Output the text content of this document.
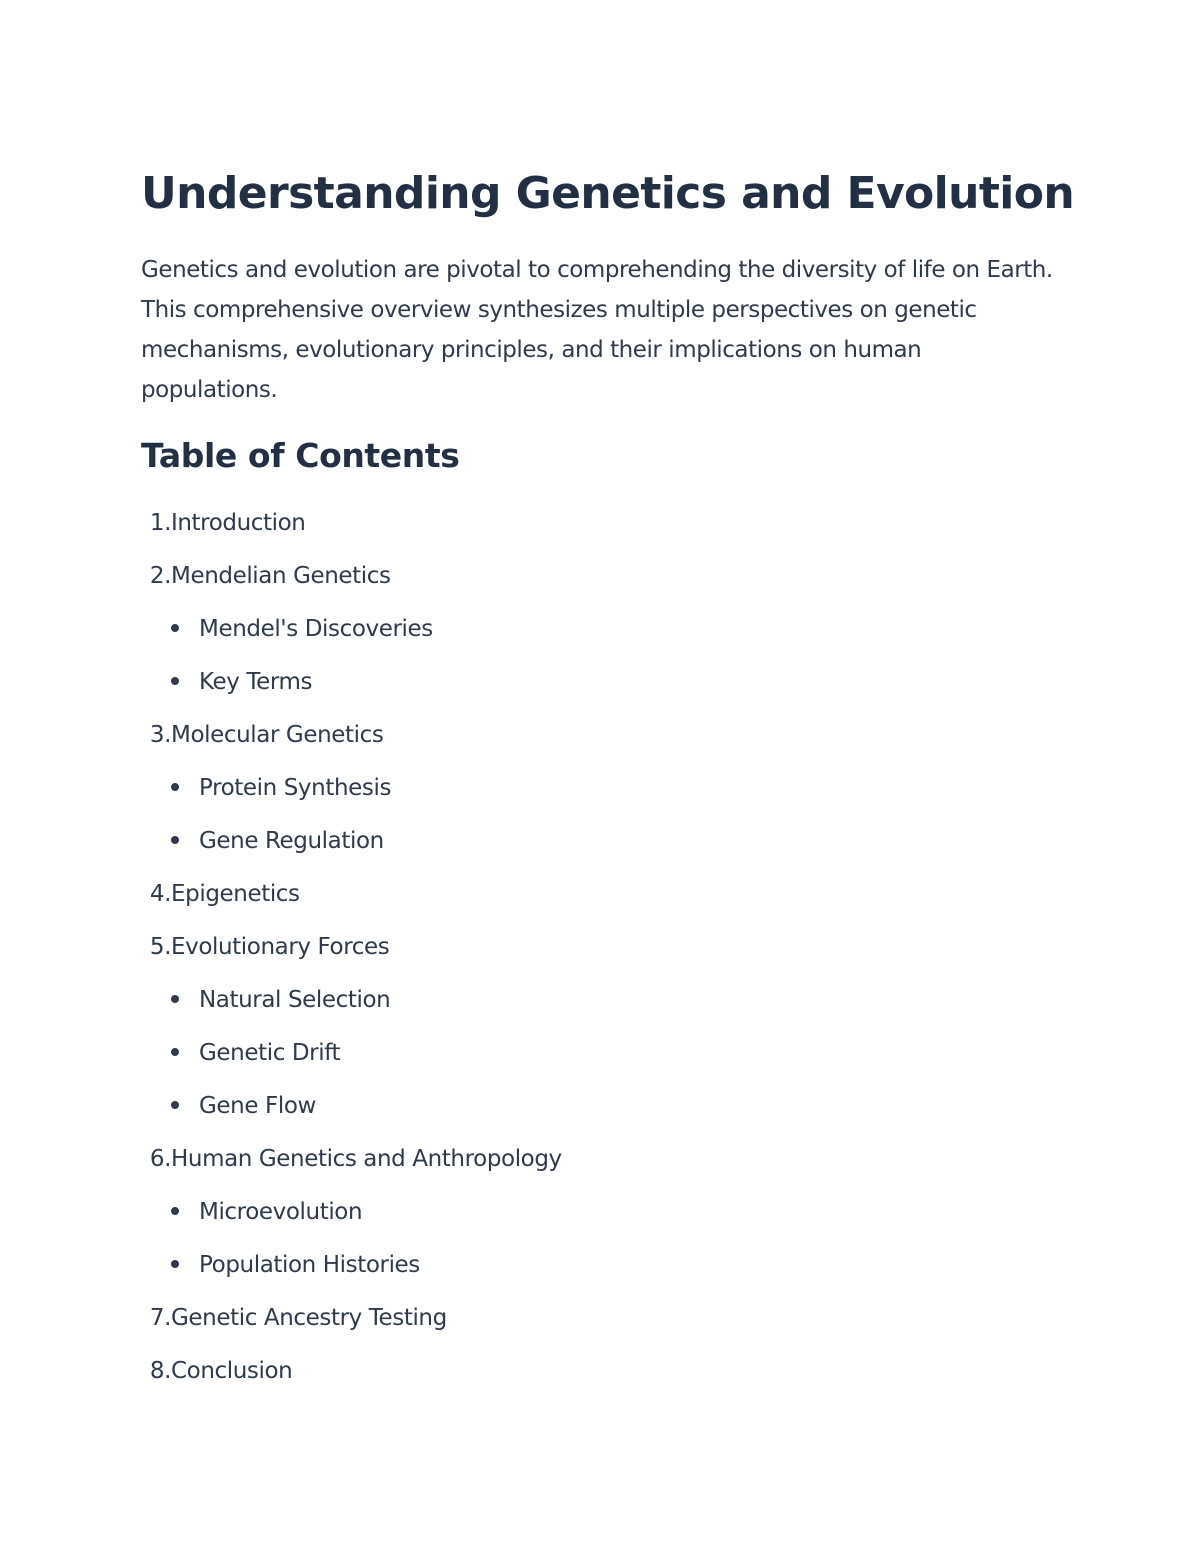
Understanding Genetics and Evolution

Genetics and evolution are pivotal to comprehending the diversity of life on Earth. This comprehensive overview synthesizes multiple perspectives on genetic mechanisms, evolutionary principles, and their implications on human populations.

Table of Contents
1.Introduction
2.Mendelian Genetics
Mendel's Discoveries
Key Terms
3.Molecular Genetics
Protein Synthesis
Gene Regulation
4.Epigenetics
5.Evolutionary Forces
Natural Selection
Genetic Drift
Gene Flow
6.Human Genetics and Anthropology
Microevolution
Population Histories
7.Genetic Ancestry Testing
8.Conclusion
